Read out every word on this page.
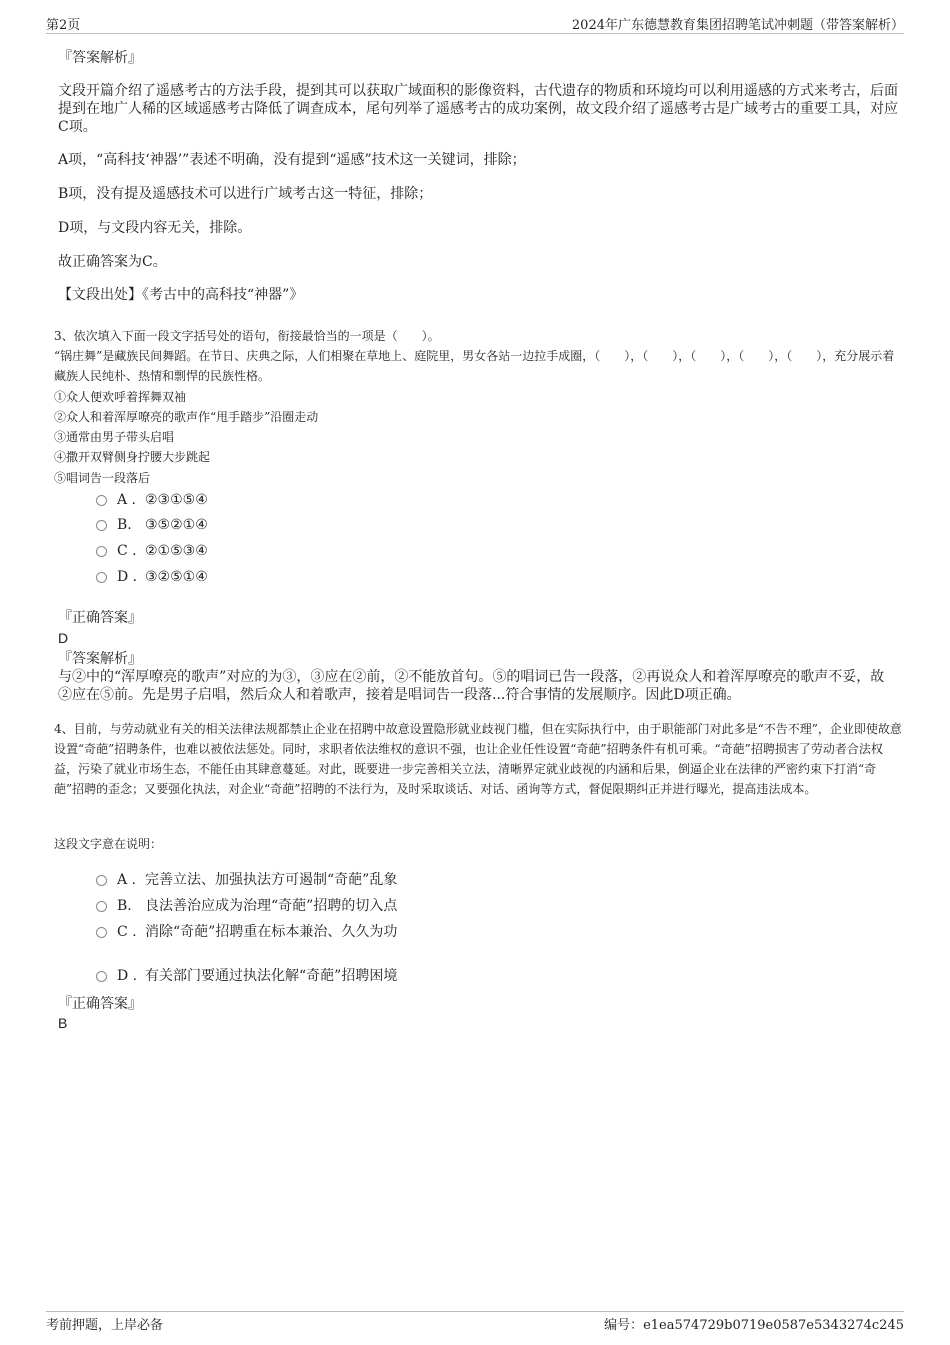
第2页	2024年广东德慧教育集团招聘笔试冲刺题（带答案解析）
『答案解析』
文段开篇介绍了遥感考古的方法手段，提到其可以获取广域面积的影像资料，古代遗存的物质和环境均可以利用遥感的方式来考古，后面提到在地广人稀的区域遥感考古降低了调查成本，尾句列举了遥感考古的成功案例，故文段介绍了遥感考古是广域考古的重要工具，对应C项。
A项，“高科技‘神器’”表述不明确，没有提到“遥感”技术这一关键词，排除；
B项，没有提及遥感技术可以进行广域考古这一特征，排除；
D项，与文段内容无关，排除。
故正确答案为C。
【文段出处】《考古中的高科技“神器”》
3、依次填入下面一段文字括号处的语句，衔接最恰当的一项是（　　）。
“锅庄舞”是藏族民间舞蹈。在节日、庆典之际，人们相聚在草地上、庭院里，男女各站一边拉手成圈，（　　），（　　），（　　），（　　），（　　），充分展示着藏族人民纯朴、热情和剽悍的民族性格。
①众人便欢呼着挥舞双袖
②众人和着浑厚嘹亮的歌声作“甩手踏步”沿圈走动
③通常由男子带头启唱
④撒开双臂侧身拧腰大步跳起
⑤唱词告一段落后
A . ②③①⑤④
B. ③⑤②①④
C . ②①⑤③④
D . ③②⑤①④
『正确答案』
D
『答案解析』
与②中的“浑厚嘹亮的歌声”对应的为③，③应在②前，②不能放首句。⑤的唱词已告一段落，②再说众人和着浑厚嘹亮的歌声不妥，故②应在⑤前。先是男子启唱，然后众人和着歌声，接着是唱词告一段落...符合事情的发展顺序。因此D项正确。
4、目前，与劳动就业有关的相关法律法规都禁止企业在招聘中故意设置隐形就业歧视门槛，但在实际执行中，由于职能部门对此多是“不告不理”，企业即使故意设置“奇葩”招聘条件，也难以被依法惩处。同时，求职者依法维权的意识不强，也让企业任性设置“奇葩”招聘条件有机可乘。“奇葩”招聘损害了劳动者合法权益，污染了就业市场生态，不能任由其肆意蔓延。对此，既要进一步完善相关立法，清晰界定就业歧视的内涵和后果，倒逼企业在法律的严密约束下打消“奇葩”招聘的歪念；又要强化执法，对企业“奇葩”招聘的不法行为，及时采取谈话、对话、函询等方式，督促限期纠正并进行曝光，提高违法成本。
这段文字意在说明：
A . 完善立法、加强执法方可遏制“奇葩”乱象
B. 良法善治应成为治理“奇葩”招聘的切入点
C . 消除“奇葩”招聘重在标本兼治、久久为功
D . 有关部门要通过执法化解“奇葩”招聘困境
『正确答案』
B
考前押题，上岸必备	编号：e1ea574729b0719e0587e5343274c245
